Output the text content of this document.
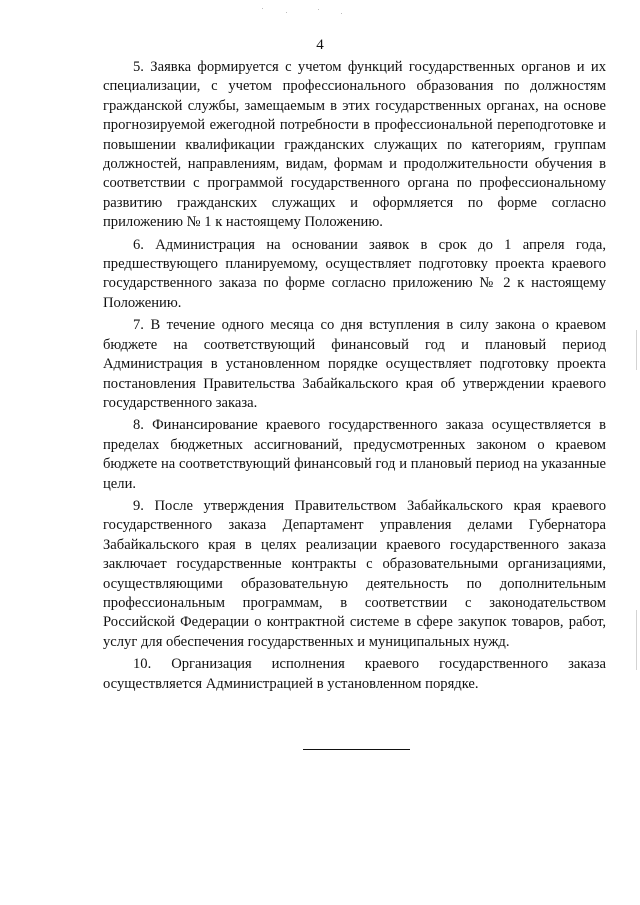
4

5. Заявка формируется с учетом функций государственных органов и их специализации, с учетом профессионального образования по должностям гражданской службы, замещаемым в этих государственных органах, на основе прогнозируемой ежегодной потребности в профессиональной переподготовке и повышении квалификации гражданских служащих по категориям, группам должностей, направлениям, видам, формам и продолжительности обучения в соответствии с программой государственного органа по профессиональному развитию гражданских служащих и оформляется по форме согласно приложению № 1 к настоящему Положению.

6. Администрация на основании заявок в срок до 1 апреля года, предшествующего планируемому, осуществляет подготовку проекта краевого государственного заказа по форме согласно приложению № 2 к настоящему Положению.

7. В течение одного месяца со дня вступления в силу закона о краевом бюджете на соответствующий финансовый год и плановый период Администрация в установленном порядке осуществляет подготовку проекта постановления Правительства Забайкальского края об утверждении краевого государственного заказа.

8. Финансирование краевого государственного заказа осуществляется в пределах бюджетных ассигнований, предусмотренных законом о краевом бюджете на соответствующий финансовый год и плановый период на указанные цели.

9. После утверждения Правительством Забайкальского края краевого государственного заказа Департамент управления делами Губернатора Забайкальского края в целях реализации краевого государственного заказа заключает государственные контракты с образовательными организациями, осуществляющими образовательную деятельность по дополнительным профессиональным программам, в соответствии с законодательством Российской Федерации о контрактной системе в сфере закупок товаров, работ, услуг для обеспечения государственных и муниципальных нужд.

10. Организация исполнения краевого государственного заказа осуществляется Администрацией в установленном порядке.
